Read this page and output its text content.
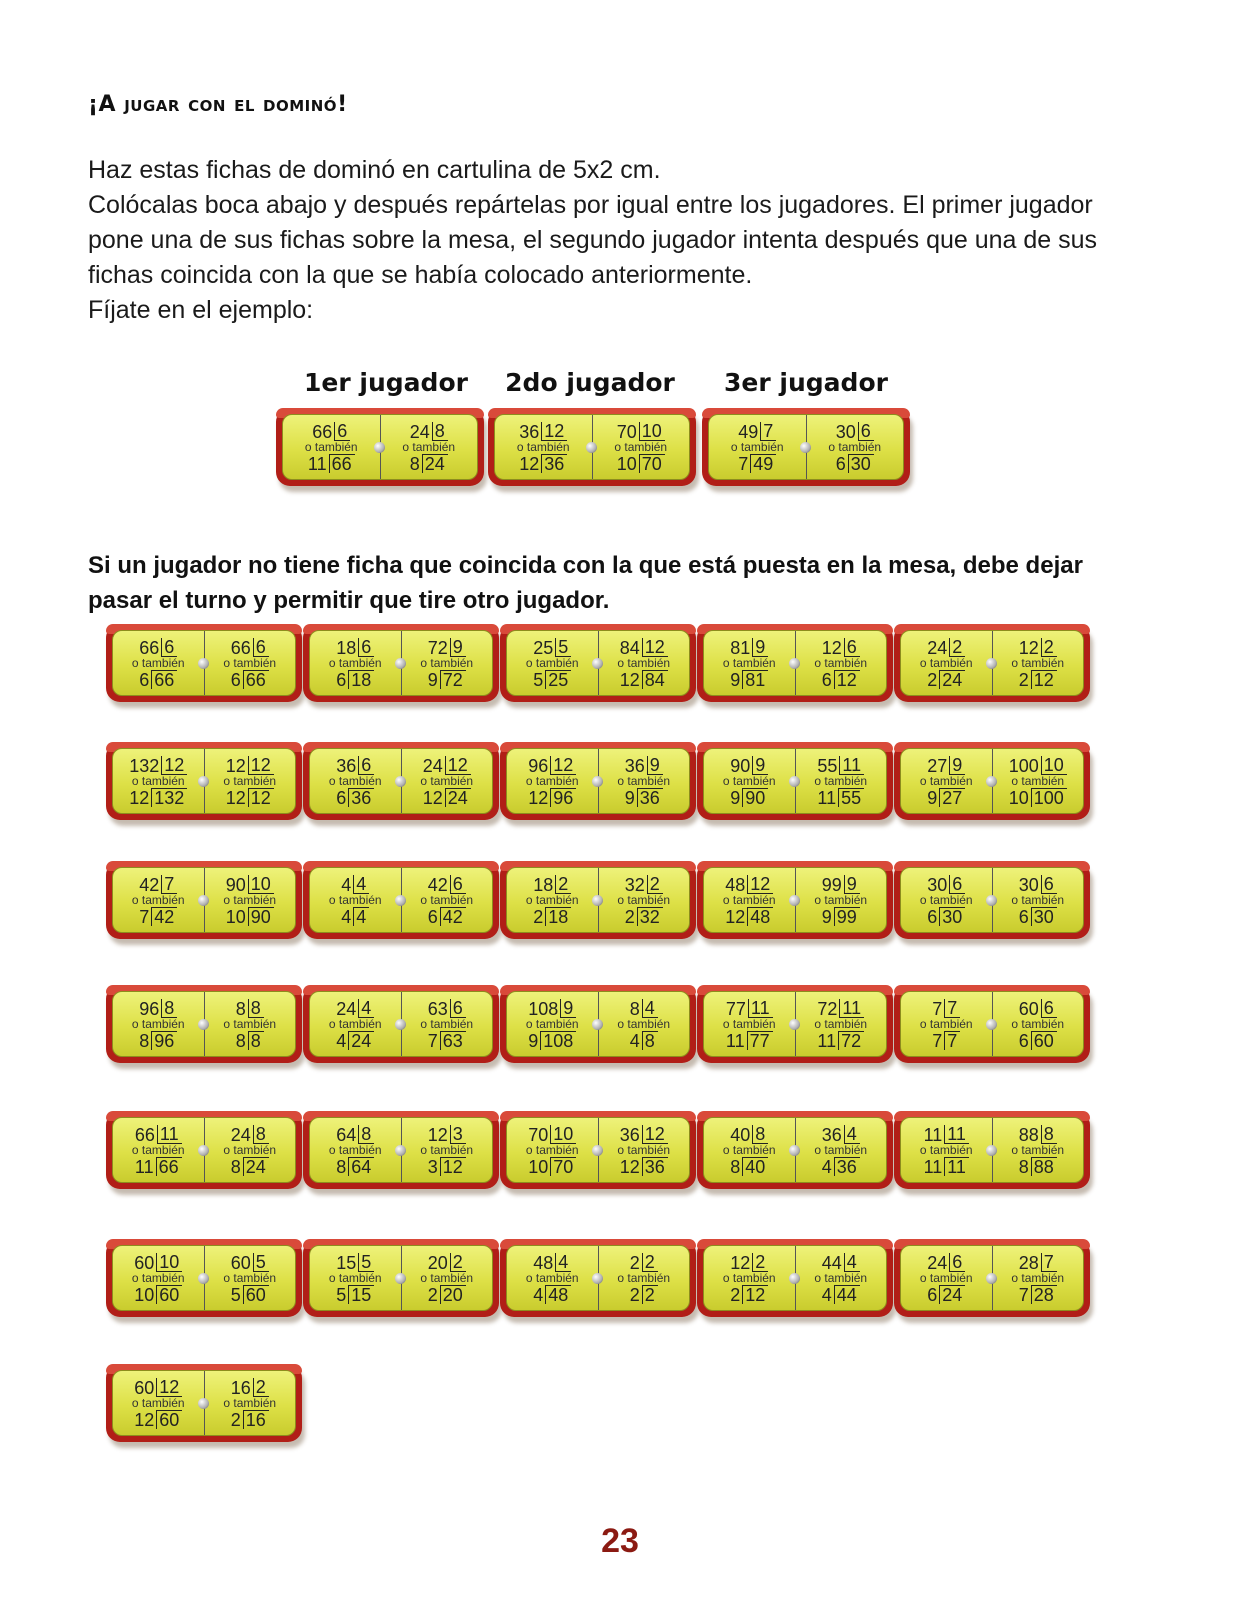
¡A jugar con el dominó!

Haz estas fichas de dominó en cartulina de 5x2 cm.

Colócalas boca abajo y después repártelas por igual entre los jugadores. El primer jugador pone una de sus fichas sobre la mesa, el segundo jugador intenta después que una de sus fichas coincida con la que se había colocado anteriormente.

Fíjate en el ejemplo:

1er jugador 2do jugador 3er jugador
66 6
o también
11 66
24 8
o también
8 24
36 12
o también
12 36
70 10
o también
10 70
49 7
o también
7 49
30 6
o también
6 30

Si un jugador no tiene ficha que coincida con la que está puesta en la mesa, debe dejar pasar el turno y permitir que tire otro jugador.

66 6
o también
6 66
66 6
o también
6 66
18 6
o también
6 18
72 9
o también
9 72
25 5
o también
5 25
84 12
o también
12 84
81 9
o también
9 81
12 6
o también
6 12
24 2
o también
2 24
12 2
o también
2 12
132 12
o también
12 132
12 12
o también
12 12
36 6
o también
6 36
24 12
o también
12 24
96 12
o también
12 96
36 9
o también
9 36
90 9
o también
9 90
55 11
o también
11 55
27 9
o también
9 27
100 10
o también
10 100
42 7
o también
7 42
90 10
o también
10 90
4 4
o también
4 4
42 6
o también
6 42
18 2
o también
2 18
32 2
o también
2 32
48 12
o también
12 48
99 9
o también
9 99
30 6
o también
6 30
30 6
o también
6 30
96 8
o también
8 96
8 8
o también
8 8
24 4
o también
4 24
63 6
o también
7 63
108 9
o también
9 108
8 4
o también
4 8
77 11
o también
11 77
72 11
o también
11 72
7 7
o también
7 7
60 6
o también
6 60
66 11
o también
11 66
24 8
o también
8 24
64 8
o también
8 64
12 3
o también
3 12
70 10
o también
10 70
36 12
o también
12 36
40 8
o también
8 40
36 4
o también
4 36
11 11
o también
11 11
88 8
o también
8 88
60 10
o también
10 60
60 5
o también
5 60
15 5
o también
5 15
20 2
o también
2 20
48 4
o también
4 48
2 2
o también
2 2
12 2
o también
2 12
44 4
o también
4 44
24 6
o también
6 24
28 7
o también
7 28
60 12
o también
12 60
16 2
o también
2 16
23
